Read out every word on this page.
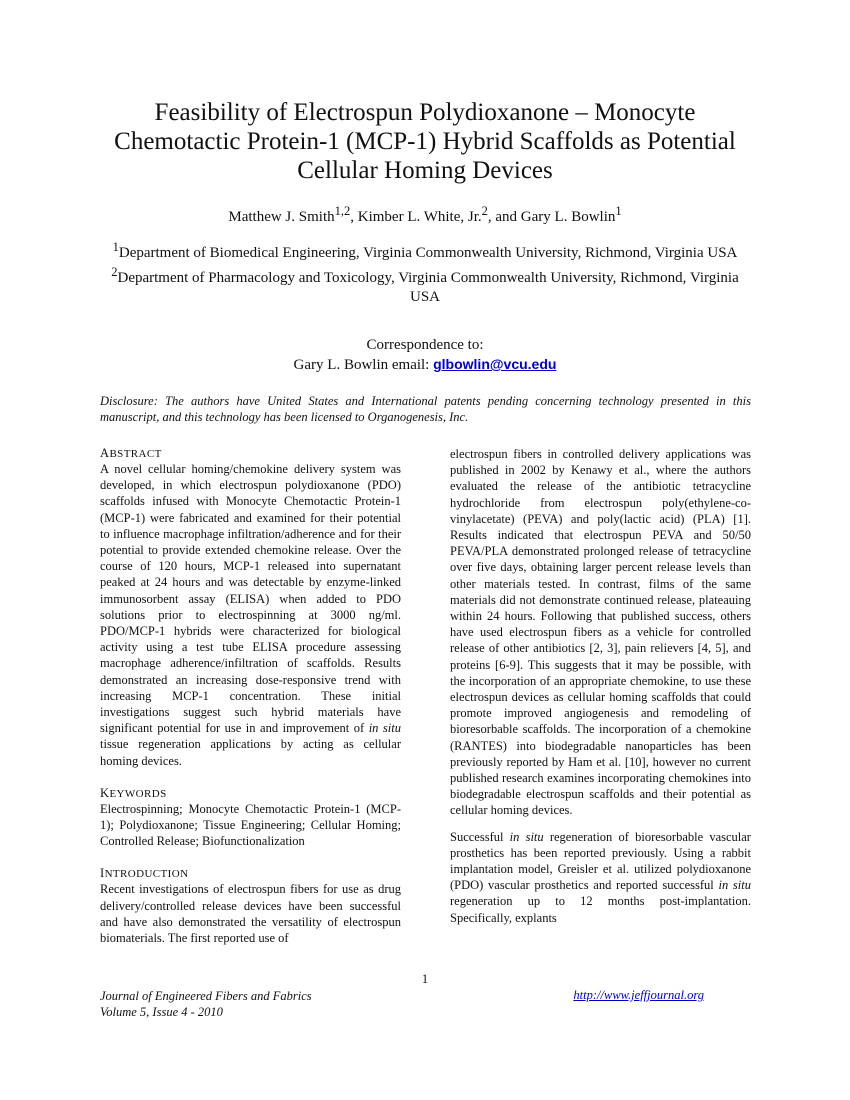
Feasibility of Electrospun Polydioxanone – Monocyte Chemotactic Protein-1 (MCP-1) Hybrid Scaffolds as Potential Cellular Homing Devices
Matthew J. Smith$^{1,2}$, Kimber L. White, Jr.$^2$, and Gary L. Bowlin$^1$

$^1$Department of Biomedical Engineering, Virginia Commonwealth University, Richmond, Virginia USA

$^2$Department of Pharmacology and Toxicology, Virginia Commonwealth University, Richmond, Virginia USA

Correspondence to:

Gary L. Bowlin email: glbowlin@vcu.edu

Disclosure: The authors have United States and International patents pending concerning technology presented in this manuscript, and this technology has been licensed to Organogenesis, Inc.

ABSTRACT

A novel cellular homing/chemokine delivery system was developed, in which electrospun polydioxanone (PDO) scaffolds infused with Monocyte Chemotactic Protein-1 (MCP-1) were fabricated and examined for their potential to influence macrophage infiltration/adherence and for their potential to provide extended chemokine release. Over the course of 120 hours, MCP-1 released into supernatant peaked at 24 hours and was detectable by enzyme-linked immunosorbent assay (ELISA) when added to PDO solutions prior to electrospinning at 3000 ng/ml. PDO/MCP-1 hybrids were characterized for biological activity using a test tube ELISA procedure assessing macrophage adherence/infiltration of scaffolds. Results demonstrated an increasing dose-responsive trend with increasing MCP-1 concentration. These initial investigations suggest such hybrid materials have significant potential for use in and improvement of in situ tissue regeneration applications by acting as cellular homing devices.

KEYWORDS

Electrospinning; Monocyte Chemotactic Protein-1 (MCP-1); Polydioxanone; Tissue Engineering; Cellular Homing; Controlled Release; Biofunctionalization

INTRODUCTION

Recent investigations of electrospun fibers for use as drug delivery/controlled release devices have been successful and have also demonstrated the versatility of electrospun biomaterials. The first reported use of

electrospun fibers in controlled delivery applications was published in 2002 by Kenawy et al., where the authors evaluated the release of the antibiotic tetracycline hydrochloride from electrospun poly(ethylene-co-vinylacetate) (PEVA) and poly(lactic acid) (PLA) [1]. Results indicated that electrospun PEVA and 50/50 PEVA/PLA demonstrated prolonged release of tetracycline over five days, obtaining larger percent release levels than other materials tested. In contrast, films of the same materials did not demonstrate continued release, plateauing within 24 hours. Following that published success, others have used electrospun fibers as a vehicle for controlled release of other antibiotics [2, 3], pain relievers [4, 5], and proteins [6-9]. This suggests that it may be possible, with the incorporation of an appropriate chemokine, to use these electrospun devices as cellular homing scaffolds that could promote improved angiogenesis and remodeling of bioresorbable scaffolds. The incorporation of a chemokine (RANTES) into biodegradable nanoparticles has been previously reported by Ham et al. [10], however no current published research examines incorporating chemokines into biodegradable electrospun scaffolds and their potential as cellular homing devices.

Successful in situ regeneration of bioresorbable vascular prosthetics has been reported previously. Using a rabbit implantation model, Greisler et al. utilized polydioxanone (PDO) vascular prosthetics and reported successful in situ regeneration up to 12 months post-implantation. Specifically, explants

1

Journal of Engineered Fibers and Fabrics

Volume 5, Issue 4 - 2010

http://www.jeffjournal.org
